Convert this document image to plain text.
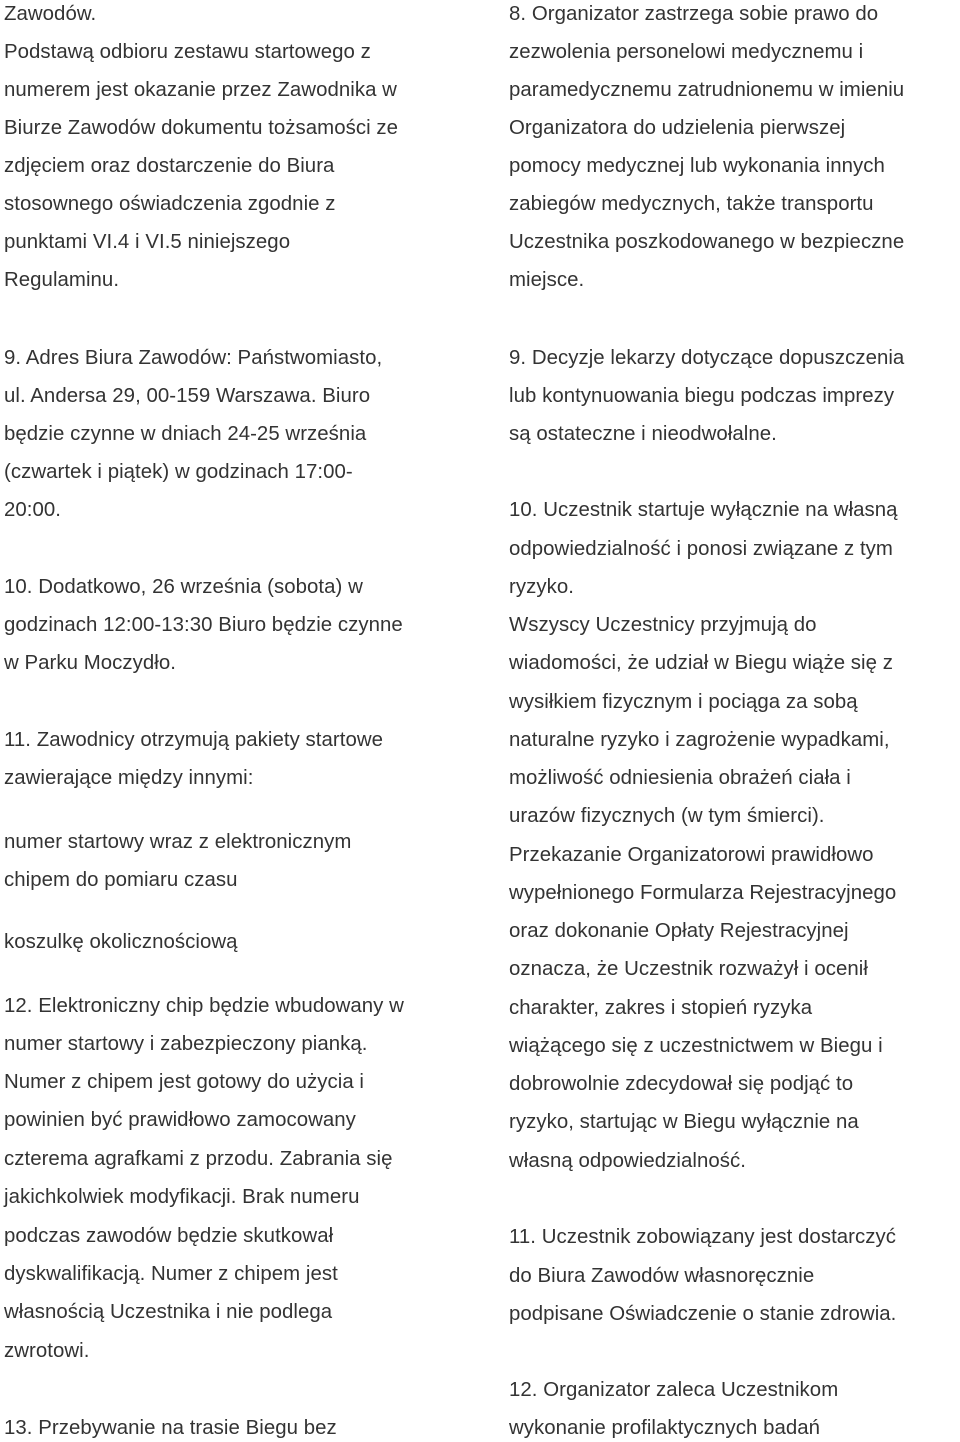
Zawodów.
Podstawą odbioru zestawu startowego z
numerem jest okazanie przez Zawodnika w
Biurze Zawodów dokumentu tożsamości ze
zdjęciem oraz dostarczenie do Biura
stosownego oświadczenia zgodnie z
punktami VI.4 i VI.5 niniejszego
Regulaminu.
9. Adres Biura Zawodów: Państwomiasto,
ul. Andersa 29, 00-159 Warszawa. Biuro
będzie czynne w dniach 24-25 września
(czwartek i piątek) w godzinach 17:00-
20:00.
10. Dodatkowo, 26 września (sobota) w
godzinach 12:00-13:30 Biuro będzie czynne
w Parku Moczydło.
11. Zawodnicy otrzymują pakiety startowe
zawierające między innymi:
numer startowy wraz z elektronicznym
chipem do pomiaru czasu
koszulkę okolicznościową
12. Elektroniczny chip będzie wbudowany w
numer startowy i zabezpieczony pianką.
Numer z chipem jest gotowy do użycia i
powinien być prawidłowo zamocowany
czterema agrafkami z przodu. Zabrania się
jakichkolwiek modyfikacji. Brak numeru
podczas zawodów będzie skutkował
dyskwalifikacją. Numer z chipem jest
własnością Uczestnika i nie podlega
zwrotowi.
13. Przebywanie na trasie Biegu bez
8. Organizator zastrzega sobie prawo do
zezwolenia personelowi medycznemu i
paramedycznemu zatrudnionemu w imieniu
Organizatora do udzielenia pierwszej
pomocy medycznej lub wykonania innych
zabiegów medycznych, także transportu
Uczestnika poszkodowanego w bezpieczne
miejsce.
9. Decyzje lekarzy dotyczące dopuszczenia
lub kontynuowania biegu podczas imprezy
są ostateczne i nieodwołalne.
10. Uczestnik startuje wyłącznie na własną
odpowiedzialność i ponosi związane z tym
ryzyko.
Wszyscy Uczestnicy przyjmują do
wiadomości, że udział w Biegu wiąże się z
wysiłkiem fizycznym i pociąga za sobą
naturalne ryzyko i zagrożenie wypadkami,
możliwość odniesienia obrażeń ciała i
urazów fizycznych (w tym śmierci).
Przekazanie Organizatorowi prawidłowo
wypełnionego Formularza Rejestracyjnego
oraz dokonanie Opłaty Rejestracyjnej
oznacza, że Uczestnik rozważył i ocenił
charakter, zakres i stopień ryzyka
wiążącego się z uczestnictwem w Biegu i
dobrowolnie zdecydował się podjąć to
ryzyko, startując w Biegu wyłącznie na
własną odpowiedzialność.
11. Uczestnik zobowiązany jest dostarczyć
do Biura Zawodów własnoręcznie
podpisane Oświadczenie o stanie zdrowia.
12. Organizator zaleca Uczestnikom
wykonanie profilaktycznych badań
